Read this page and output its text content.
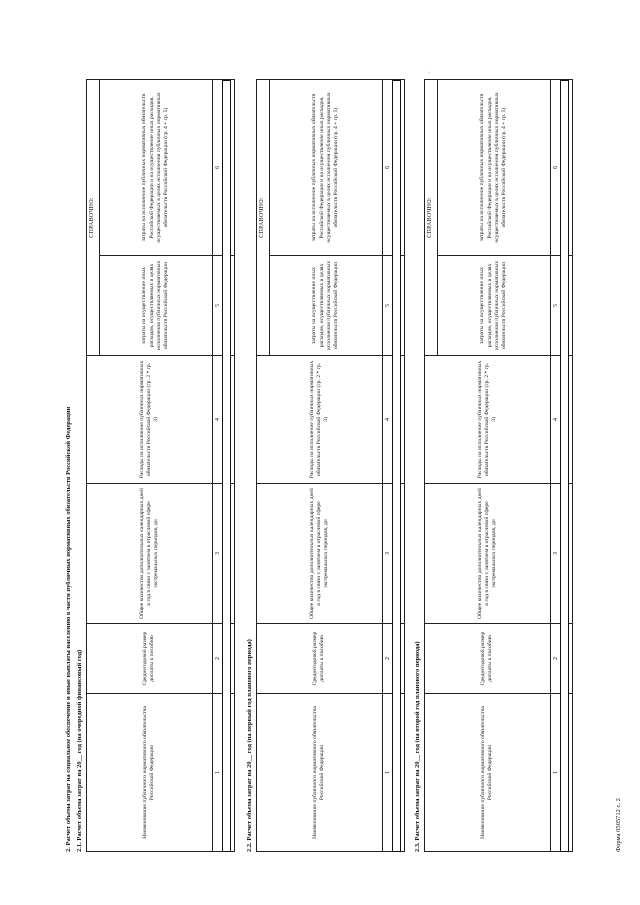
·
Форма 0505712 с. 2
2. Расчет объема затрат на социальное обеспечение и иные выплаты населению в части публичных нормативных обязательств Российской Федерации 2.1. Расчет объема затрат на 20__ год (на очередной финансовый год)	Наименование публичного нормативного обязательства Российской Федерации	Среднегодовой размер доплаты к пособию	Общее количество дополнительных календарных дней в год в связи с занятием в отраслевой сфере экстремальных периодов, дн	Расходы на исполнение публичных нормативных обязательств Российской Федерации (гр. 2 * гр. 3)	СПРАВОЧНО:	
				затраты на осуществление иных расходов, осуществляемых в целях исполнения публичных нормативных обязательств Российской Федерации	затраты на исполнение публичных нормативных обязательств Российской Федерации и на осуществление иных расходов, осуществляемых в целях исполнения публичных нормативных обязательств Российской Федерации (гр. 4 + гр. 5)
1	2	3	4	5	6

2.2. Расчет объема затрат на 20__ год (на первый год планового периода)	Наименование публичного нормативного обязательства Российской Федерации	Среднегодовой размер доплаты к пособию	Общее количество дополнительных календарных дней в год в связи с занятием в отраслевой сфере экстремальных периодов, дн	Расходы на исполнение публичных нормативных обязательств Российской Федерации (гр. 2 * гр. 3)	СПРАВОЧНО:	
				затраты на осуществление иных расходов, осуществляемых в целях исполнения публичных нормативных обязательств Российской Федерации	затраты на исполнение публичных нормативных обязательств Российской Федерации и на осуществление иных расходов, осуществляемых в целях исполнения публичных нормативных обязательств Российской Федерации (гр. 4 + гр. 5)
1	2	3	4	5	6

2.3. Расчет объема затрат на 20__ год (на второй год планового периода)	Наименование публичного нормативного обязательства Российской Федерации	Среднегодовой размер доплаты к пособию	Общее количество дополнительных календарных дней в год в связи с занятием в отраслевой сфере экстремальных периодов, дн	Расходы на исполнение публичных нормативных обязательств Российской Федерации (гр. 2 * гр. 3)	СПРАВОЧНО:	
				затраты на осуществление иных расходов, осуществляемых в целях исполнения публичных нормативных обязательств Российской Федерации	затраты на исполнение публичных нормативных обязательств Российской Федерации и на осуществление иных расходов, осуществляемых в целях исполнения публичных нормативных обязательств Российской Федерации (гр. 4 + гр. 5)
1	2	3	4	5	6
